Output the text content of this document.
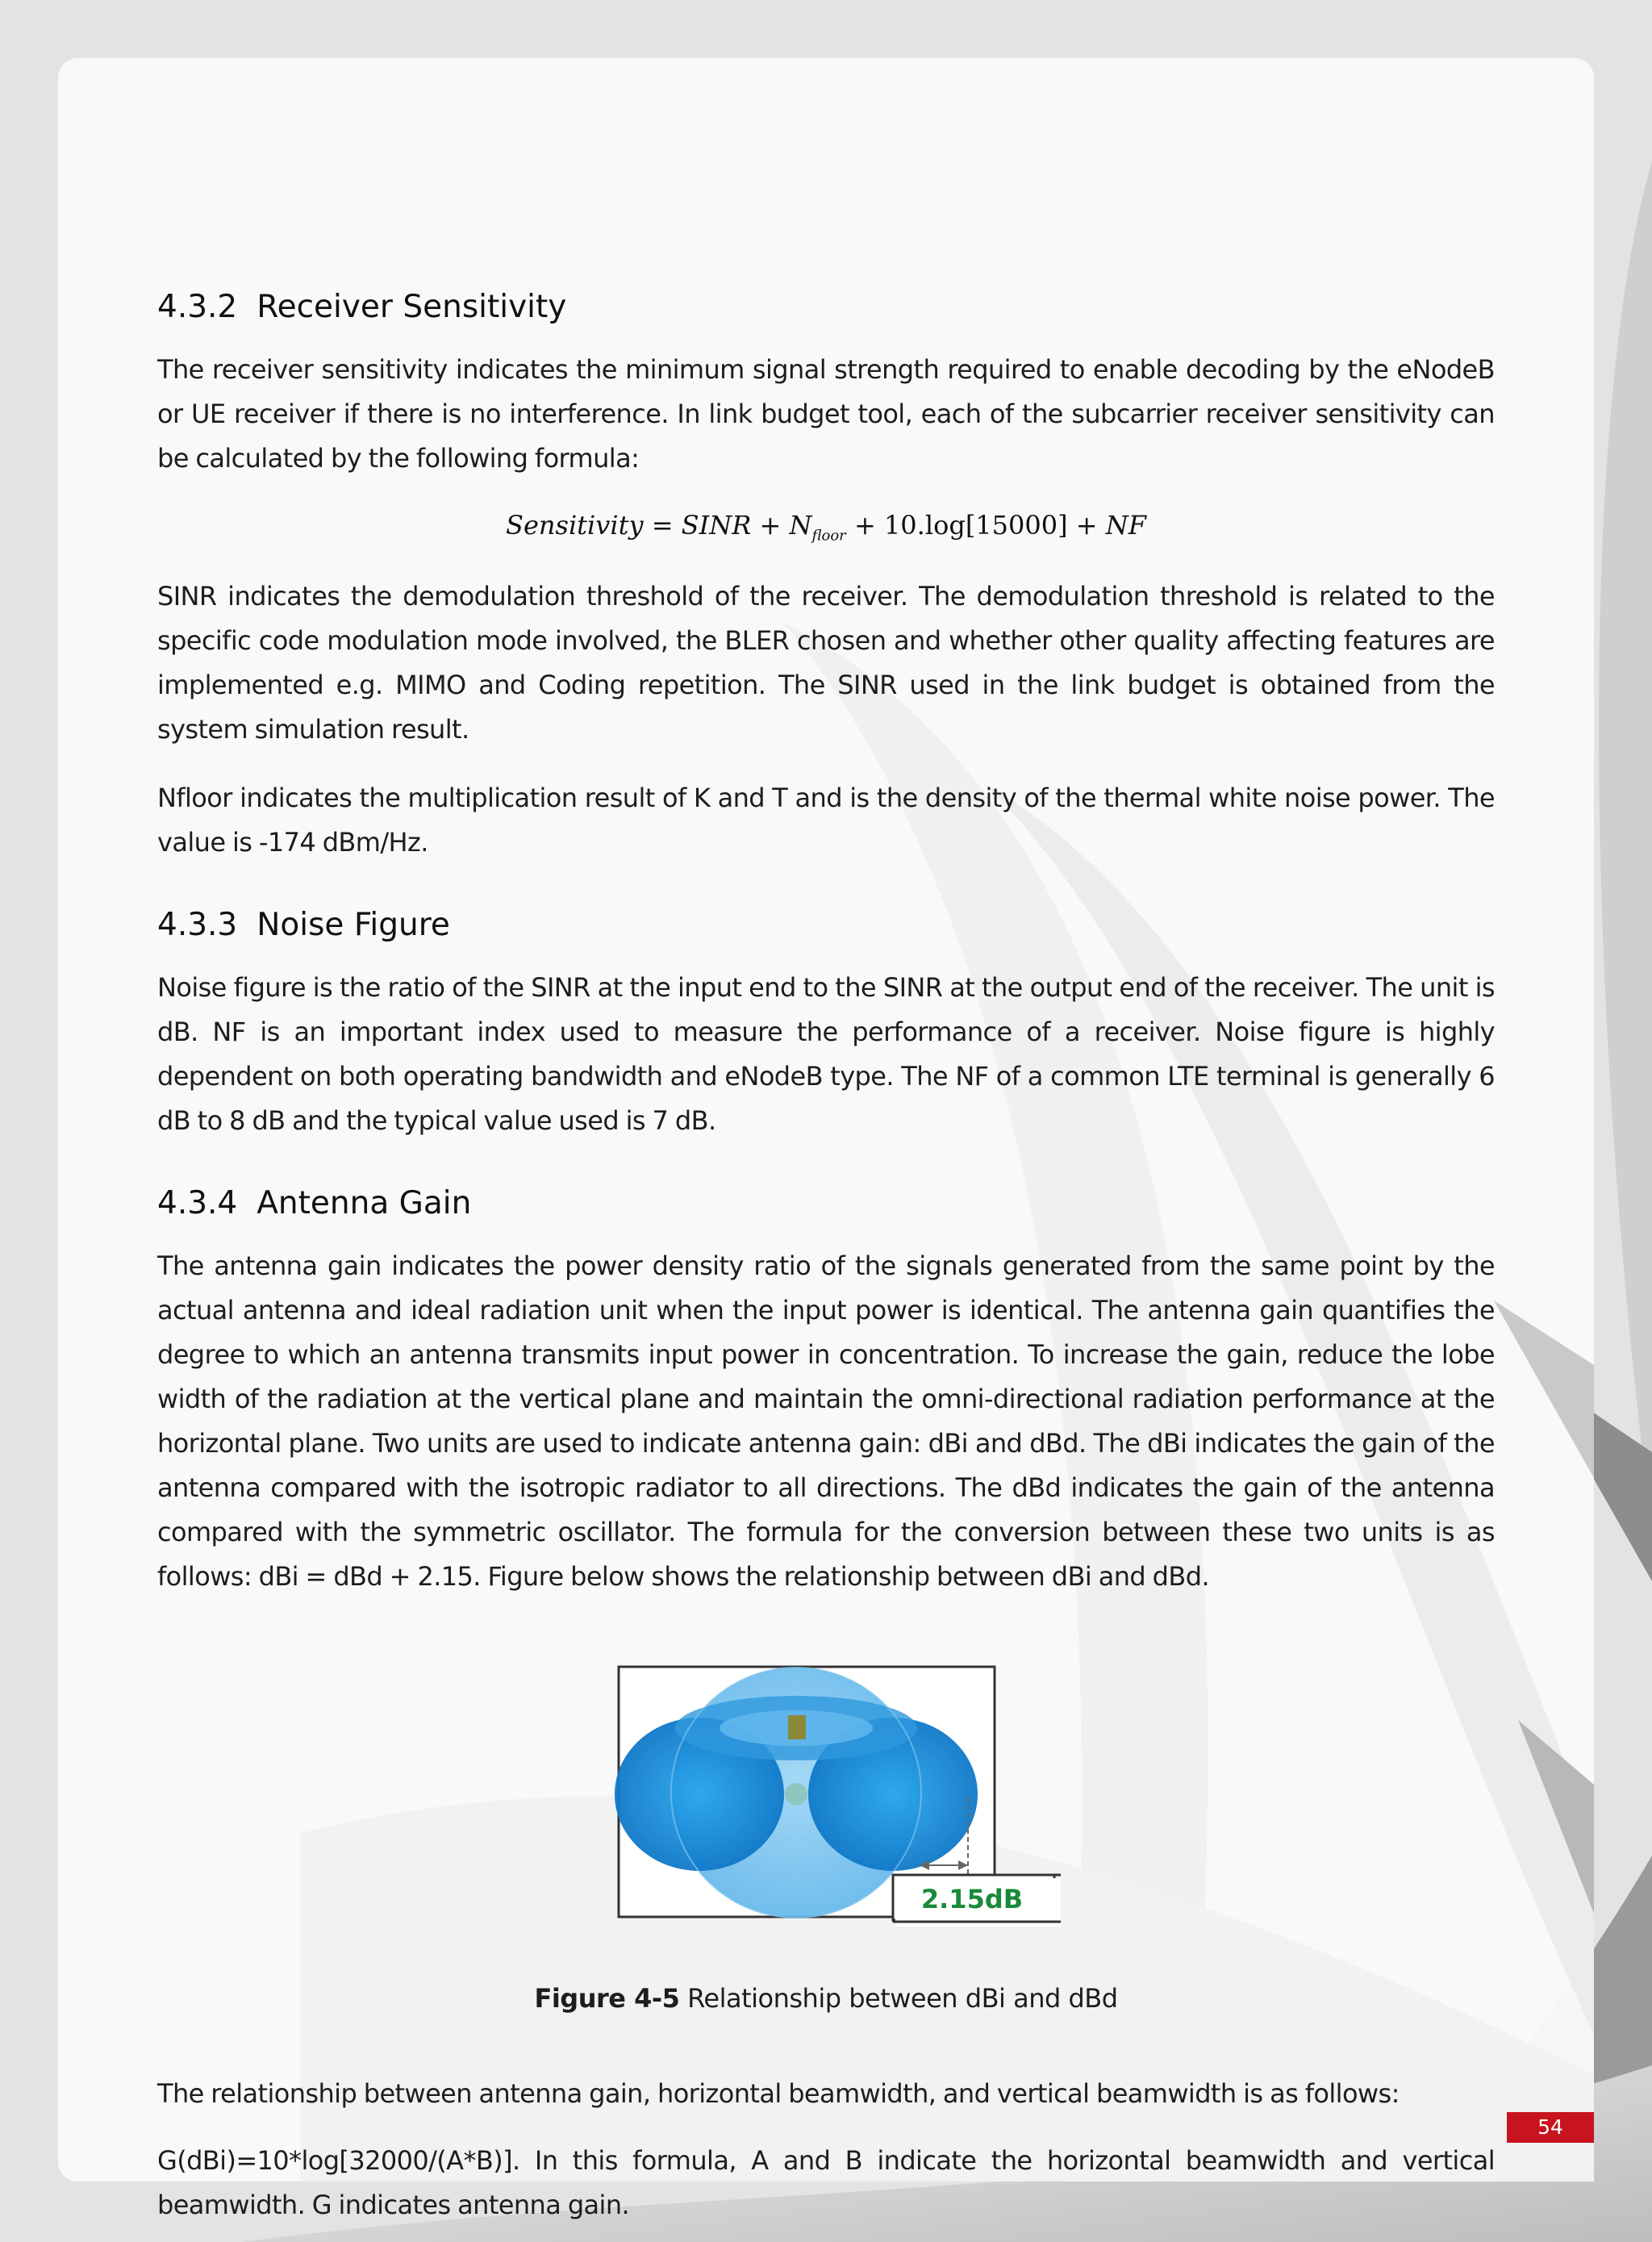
4.3.2 Receiver Sensitivity

The receiver sensitivity indicates the minimum signal strength required to enable decoding by the eNodeB or UE receiver if there is no interference. In link budget tool, each of the subcarrier receiver sensitivity can be calculated by the following formula:

Sensitivity = SINR + $N_{floor} + 10.\log[15000]$ + NF

SINR indicates the demodulation threshold of the receiver. The demodulation threshold is related to the specific code modulation mode involved, the BLER chosen and whether other quality affecting features are implemented e.g. MIMO and Coding repetition. The SINR used in the link budget is obtained from the system simulation result.

Nfloor indicates the multiplication result of K and T and is the density of the thermal white noise power. The value is -174 dBm/Hz.

4.3.3 Noise Figure

Noise figure is the ratio of the SINR at the input end to the SINR at the output end of the receiver. The unit is dB. NF is an important index used to measure the performance of a receiver. Noise figure is highly dependent on both operating bandwidth and eNodeB type. The NF of a common LTE terminal is generally 6 dB to 8 dB and the typical value used is 7 dB.

4.3.4 Antenna Gain

The antenna gain indicates the power density ratio of the signals generated from the same point by the actual antenna and ideal radiation unit when the input power is identical. The antenna gain quantifies the degree to which an antenna transmits input power in concentration. To increase the gain, reduce the lobe width of the radiation at the vertical plane and maintain the omni-directional radiation performance at the horizontal plane. Two units are used to indicate antenna gain: dBi and dBd. The dBi indicates the gain of the antenna compared with the isotropic radiator to all directions. The dBd indicates the gain of the antenna compared with the symmetric oscillator. The formula for the conversion between these two units is as follows: dBi = dBd + 2.15. Figure below shows the relationship between dBi and dBd.

2.15dB
Figure 4-5 Relationship between dBi and dBd

The relationship between antenna gain, horizontal beamwidth, and vertical beamwidth is as follows:

G(dBi)=10*log[32000/(A*B)]. In this formula, A and B indicate the horizontal beamwidth and vertical beamwidth. G indicates antenna gain.

54
